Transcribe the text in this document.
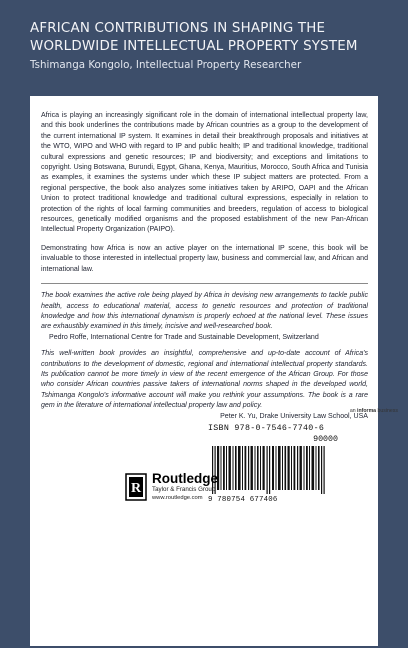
AFRICAN CONTRIBUTIONS IN SHAPING THE
WORLDWIDE INTELLECTUAL PROPERTY SYSTEM
Tshimanga Kongolo, Intellectual Property Researcher

Africa is playing an increasingly significant role in the domain of international intellectual property law, and this book underlines the contributions made by African countries as a group to the development of the current international IP system. It examines in detail their breakthrough proposals and initiatives at the WTO, WIPO and WHO with regard to IP and public health; IP and traditional knowledge, traditional cultural expressions and genetic resources; IP and biodiversity; and exceptions and limitations to copyright. Using Botswana, Burundi, Egypt, Ghana, Kenya, Mauritius, Morocco, South Africa and Tunisia as examples, it examines the systems under which these IP subject matters are protected. From a regional perspective, the book also analyzes some initiatives taken by ARIPO, OAPI and the African Union to protect traditional knowledge and traditional cultural expressions, especially in relation to protection of the rights of local farming communities and breeders, regulation of access to biological resources, genetically modified organisms and the proposed establishment of the new Pan-African Intellectual Property Organization (PAIPO).

Demonstrating how Africa is now an active player on the international IP scene, this book will be invaluable to those interested in intellectual property law, business and commercial law, and African and international law.

The book examines the active role being played by Africa in devising new arrangements to tackle public health, access to educational material, access to genetic resources and protection of traditional knowledge and how this international dynamism is properly echoed at the national level. These issues are exhaustibly examined in this timely, incisive and well-researched book.

Pedro Roffe, International Centre for Trade and Sustainable Development, Switzerland

This well-written book provides an insightful, comprehensive and up-to-date account of Africa's contributions to the development of domestic, regional and international intellectual property standards. Its publication cannot be more timely in view of the recent emergence of the African Group. For those who consider African countries passive takers of international norms shaped in the developed world, Tshimanga Kongolo's informative account will make you rethink your assumptions. The book is a rare gem in the literature of international intellectual property law and policy.

Peter K. Yu, Drake University Law School, USA

an informa business

ISBN 978-0-7546-7740-6

90000
9 780754 677406
R
Routledge
Taylor & Francis Group
www.routledge.com
